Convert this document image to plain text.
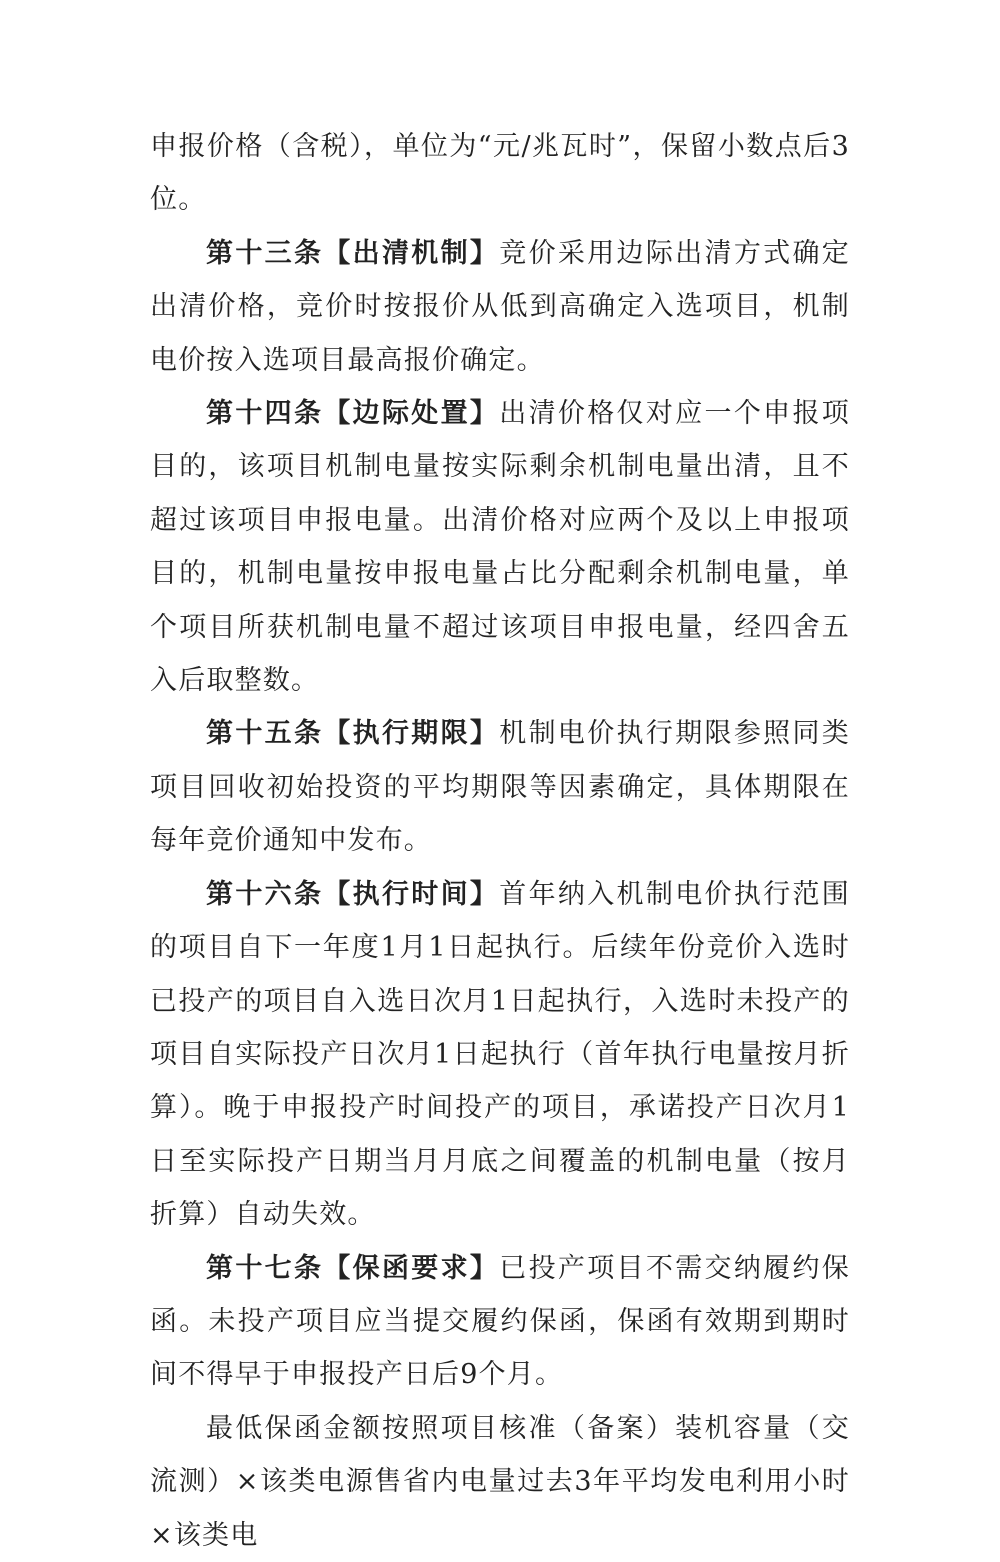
申报价格（含税），单位为“元/兆瓦时”，保留小数点后3位。

第十三条【出清机制】竞价采用边际出清方式确定出清价格，竞价时按报价从低到高确定入选项目，机制电价按入选项目最高报价确定。

第十四条【边际处置】出清价格仅对应一个申报项目的，该项目机制电量按实际剩余机制电量出清，且不超过该项目申报电量。出清价格对应两个及以上申报项目的，机制电量按申报电量占比分配剩余机制电量，单个项目所获机制电量不超过该项目申报电量，经四舍五入后取整数。

第十五条【执行期限】机制电价执行期限参照同类项目回收初始投资的平均期限等因素确定，具体期限在每年竞价通知中发布。

第十六条【执行时间】首年纳入机制电价执行范围的项目自下一年度1月1日起执行。后续年份竞价入选时已投产的项目自入选日次月1日起执行，入选时未投产的项目自实际投产日次月1日起执行（首年执行电量按月折算）。晚于申报投产时间投产的项目，承诺投产日次月1日至实际投产日期当月月底之间覆盖的机制电量（按月折算）自动失效。

第十七条【保函要求】已投产项目不需交纳履约保函。未投产项目应当提交履约保函，保函有效期到期时间不得早于申报投产日后9个月。

最低保函金额按照项目核准（备案）装机容量（交流测）×该类电源售省内电量过去3年平均发电利用小时×该类电
